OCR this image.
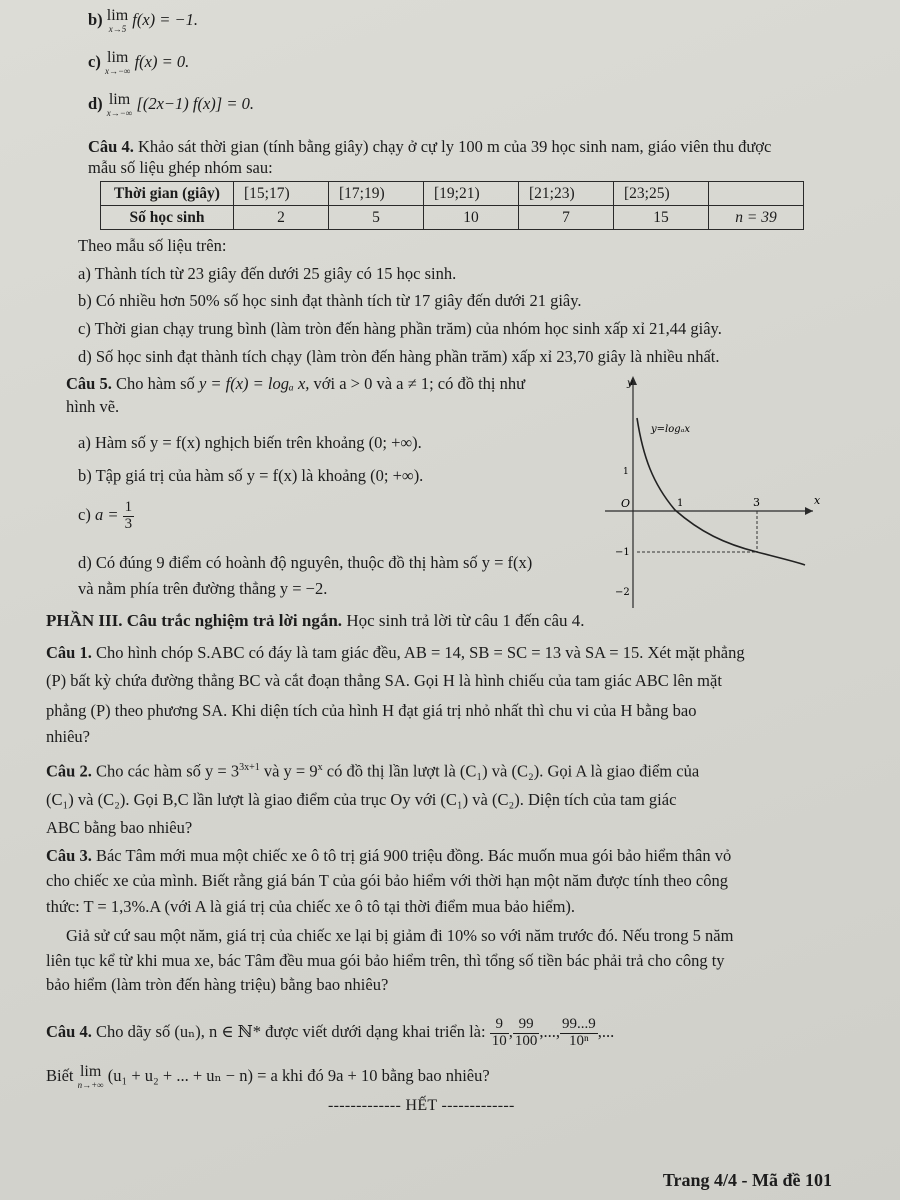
b) lim
x→5
f(x) = −1.
c) lim
x→−∞
f(x) = 0.
d) lim
x→−∞
[(2x−1) f(x)] = 0.
Câu 4. Khảo sát thời gian (tính bằng giây) chạy ở cự ly 100 m của 39 học sinh nam, giáo viên thu được
mẫu số liệu ghép nhóm sau:
Thời gian (giây)	[15;17)	[17;19)	[19;21)	[21;23)	[23;25)	
Số học sinh	2	5	10	7	15	n = 39
Theo mẫu số liệu trên:
a) Thành tích từ 23 giây đến dưới 25 giây có 15 học sinh.
b) Có nhiều hơn 50% số học sinh đạt thành tích từ 17 giây đến dưới 21 giây.
c) Thời gian chạy trung bình (làm tròn đến hàng phần trăm) của nhóm học sinh xấp xỉ 21,44 giây.
d) Số học sinh đạt thành tích chạy (làm tròn đến hàng phần trăm) xấp xỉ 23,70 giây là nhiều nhất.
Câu 5. Cho hàm số y = f(x) = logₐ x, với a > 0 và a ≠ 1; có đồ thị như
hình vẽ.
a) Hàm số y = f(x) nghịch biến trên khoảng (0; +∞).
b) Tập giá trị của hàm số y = f(x) là khoảng (0; +∞).
c) $a = \frac{1}{3}$
d) Có đúng 9 điểm có hoành độ nguyên, thuộc đồ thị hàm số y = f(x)
và nằm phía trên đường thẳng y = −2.
y
x
y=logₐx
O	1	3
1
−1
−2
PHẦN III. Câu trắc nghiệm trả lời ngắn. Học sinh trả lời từ câu 1 đến câu 4.
Câu 1. Cho hình chóp S.ABC có đáy là tam giác đều, AB = 14, SB = SC = 13 và SA = 15. Xét mặt phẳng
(P) bất kỳ chứa đường thẳng BC và cắt đoạn thẳng SA. Gọi H là hình chiếu của tam giác ABC lên mặt
phẳng (P) theo phương SA. Khi diện tích của hình H đạt giá trị nhỏ nhất thì chu vi của H bằng bao
nhiêu?
Câu 2. Cho các hàm số $y = 3^{3x+1}$ và $y = 9^x$ có đồ thị lần lượt là (C₁) và (C₂). Gọi A là giao điểm của
(C₁) và (C₂). Gọi B,C lần lượt là giao điểm của trục Oy với (C₁) và (C₂). Diện tích của tam giác
ABC bằng bao nhiêu?
Câu 3. Bác Tâm mới mua một chiếc xe ô tô trị giá 900 triệu đồng. Bác muốn mua gói bảo hiểm thân vỏ
cho chiếc xe của mình. Biết rằng giá bán T của gói bảo hiểm với thời hạn một năm được tính theo công
thức: T = 1,3%.A (với A là giá trị của chiếc xe ô tô tại thời điểm mua bảo hiểm).
Giả sử cứ sau một năm, giá trị của chiếc xe lại bị giảm đi 10% so với năm trước đó. Nếu trong 5 năm
liên tục kể từ khi mua xe, bác Tâm đều mua gói bảo hiểm trên, thì tổng số tiền bác phải trả cho công ty
bảo hiểm (làm tròn đến hàng triệu) bằng bao nhiêu?
Câu 4. Cho dãy số (uₙ), n ∈ ℕ* được viết dưới dạng khai triển là: $\frac{9}{10}$ , $\frac{99}{100}$ ,..., $\frac{99...9}{\text{10ⁿ}}$ ,...
Biết lim
n→+∞
(u₁ + u₂ + ... + uₙ − n) = a khi đó 9a + 10 bằng bao nhiêu?
------------- HẾT -------------
Trang 4/4 - Mã đề 101
